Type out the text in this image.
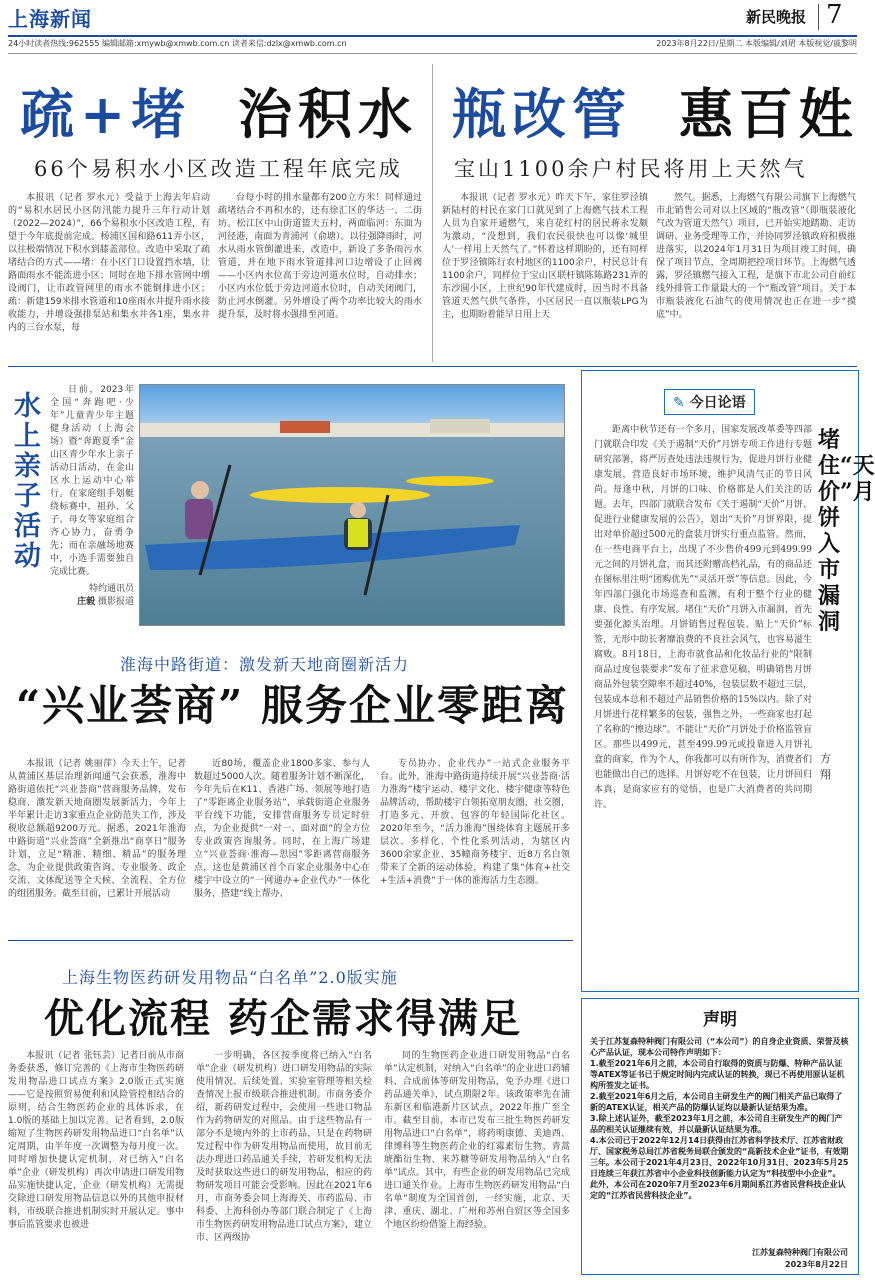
上海新闻	新民晚报 7
24小时读者热线:962555 编辑邮箱:xmywb@xmwb.com.cn 读者来信:dzlx@xmwb.com.cn	2023年8月22日/星期二 本版编辑/刘珺 本版视觉/戚黎明
疏+堵 治积水
66个易积水小区改造工程年底完成

本报讯（记者 罗水元）受益于上海去年启动的“易积水居民小区防汛能力提升三年行动计划（2022—2024）”，66个易积水小区改造工程，有望于今年底提前完成。杨浦区国和路611弄小区，以往极端情况下积水到膝盖部位。改造中采取了疏堵结合的方式——堵：在小区门口设置挡水墙，让路面雨水不能流进小区；同时在地下排水管网中增设阀门，让市政管网里的雨水不能倒排进小区；疏：新建159米排水管道和10座雨水井提升雨水接收能力，并增设强排泵站和集水井各1座，集水井内的三台水泵，每

台每小时的排水量都有200立方米！同样通过疏堵结合不再积水的，还有徐汇区的华达一、二街坊。松江区中山街道篮天五村，两面临河：东面为河径港，南面为青浦河（俞塘）。以往强降雨时，河水从雨水管倒灌进来，改造中，新设了多条雨污水管道，并在地下雨水管道排河口边增设了止回阀——小区内水位高于旁边河道水位时，自动排水；小区内水位低于旁边河道水位时，自动关闭阀门，防止河水倒灌。另外增设了两个功率比较大的雨水提升泵，及时将水强排至河道。

瓶改管 惠百姓
宝山1100余户村民将用上天然气

本报讯（记者 罗水元）昨天下午，家住罗泾镇新陆村的村民在家门口就见到了上海燃气技术工程人员为自家开通燃气，来自花红村的居民蒋永发颇为激动，“没想到，我们农民很快也可以像‘城里人’一样用上天然气了。”怀着这样期盼的，还有同样位于罗泾镇陈行农村地区的1100余户，村民总计有1100余户，同样位于宝山区联杆镇陈陈路231弄的东沙圆小区，上世纪90年代建成时，因当时不具备管道天然气供气条件，小区居民一直以瓶装LPG为主，也期盼着能早日用上天

然气。据悉，上海燃气有限公司旗下上海燃气市北销售公司对以上区域的“瓶改管”（即瓶装液化气改为管道天然气）项目，已开始实地踏勘、走访调研、业务受理等工作，并协同罗泾镇政府积极推进落实，以2024年1月31日为项目竣工时间，确保了项目节点，全周期把控项目环节。上海燃气透露，罗泾镇燃气接入工程，是旗下市北公司自前红线外排管工作量最大的一个“瓶改管”项目。关于本市瓶装液化石油气的使用情况也正在进一步“摸底”中。

水上亲子活动

日前，2023年全国“奔跑吧·少年”儿童青少年主题健身活动（上海会场）暨“奔跑夏季”金山区青少年水上亲子活动日活动，在金山区水上运动中心举行。在家庭组手划艇绕标赛中，祖孙、父子、母女等家庭组合齐心协力，奋勇争先；而在亲融场地赛中，小选手需要独自完成比赛。

特约通讯员
庄毅 摄影报道
淮海中路街道：激发新天地商圈新活力
“兴业荟商” 服务企业零距离

本报讯（记者 姚丽萍）今天上午，记者从黄浦区基层治理新闻通气会获悉，淮海中路街道依托“兴业荟商”营商服务品牌，发布稳商、激发新天地商圈发展新活力，今年上半年累计走访3家重点企业防范失工作，涉及税收总额超9200万元。据悉，2021年淮海中路街道“兴业荟商”全新推出“商享日”服务计划，立足“精准、精细、精品”的服务理念，为企业提供政策咨询、专业服务、政企交流、文体配送等全天候、全流程、全方位的组团服务。截至目前，已累计开展活动

近80场，覆盖企业1800多家、参与人数超过5000人次。随着服务计划不断深化，今年先后在K11、香港广场、领展等地打造了“零距离企业服务站”，承载街道企业服务平台线下功能，安排营商服务专员定时驻点，为企业提供“一对一、面对面”的全方位专业政策咨询服务。同时，在上海广场建立“兴业荟商·淮海—思园”零距离营商服务点，这也是黄浦区首个百家企业服务中心在楼宇中设立的“一网通办+企业代办”一体化服务，搭建“线上帮办、

专员协办、企业代办”一站式企业服务平台。此外，淮海中路街道持续开展“兴业荟商·活力淮海”楼宇运动、楼宇文化、楼宇健康等特色品牌活动，帮助楼宇白领拓宽朋友圈，社交圈，打造多元、开放、包容的年轻国际化社区。2020年至今，“活力淮海”围绕体育主题展开多层次、多样化、个性化系列活动，为辖区内3600余家企业、35幢商务楼宇、近8万名白领带来了全新的运动体验，构建了集“体育+社交+生活+消费”于一体的淮海活力生态圈。

上海生物医药研发用物品“白名单”2.0版实施
优化流程 药企需求得满足

本报讯（记者 张钰芸）记者日前从市商务委获悉，修订完善的《上海市生物医药研发用物品进口试点方案》2.0版正式实施——它是按照贸易便利和风险管控相结合的原则，结合生物医药企业的具体诉求，在1.0版的基础上加以完善。记者看到，2.0版缩短了生物医药研发用物品进口“白名单”认定周期，由半年度一次调整为每月度一次。同时增加快捷认定机制，对已纳入“白名单”企业（研发机构）再次申请进口研发用物品实施快捷认定，企业（研发机构）无需提交除进口研发用物品信息以外的其他申报材料，市级联合推进机制实时开展认定。事中事后监管要求也被进

一步明确，各区按季度将已纳入“白名单”企业（研发机构）进口研发用物品的实际使用情况、后续处置、实验室管理等相关检查情况上报市级联合推进机制。市商务委介绍，新药研发过程中，会使用一些进口物品作为药物研发的对照品。由于这些物品有一部分不是境内外的上市药品，只是在药物研发过程中作为研发用物品而使用，故目前无法办理进口药品通关手续，若研发机构无法及时获取这些进口的研发用物品，相应的药物研发项目可能会受影响。因此在2021年6月，市商务委会同上海海关、市药监局、市科委、上海科创办等部门联合制定了《上海市生物医药研发用物品进口试点方案》，建立市、区两级协

同的生物医药企业进口研发用物品“白名单”认定机制，对纳入“白名单”的企业进口药辅料、合成前体等研发用物品，免予办理《进口药品通关单》，试点期限2年。该政策率先在浦东新区和临港新片区试点，2022年推广至全市。截至目前，本市已发布三批生物医药研发用物品进口“白名单”，将药明康德、美迪西、律博科等生物医药企业的红霉素衍生物、青蒿琥酯衍生物、来苏糖等研发用物品纳入“白名单”试点。其中，有些企业的研发用物品已完成进口通关作业。上海市生物医药研发用物品“白名单”制度为全国首创，一经实施，北京、天津、重庆、湖北、广州和苏州自贸区等全国多个地区纷纷借鉴上海经验。

✎ 今日论语
堵住“天价”月饼入市漏洞
方翔

距离中秋节还有一个多月，国家发展改革委等四部门就联合印发《关于遏制“天价”月饼专项工作进行专题研究部署，将严厉查处违法违规行为，促进月饼行业健康发展，营造良好市场环境，维护风清气正的节日风尚。每逢中秋，月饼的口味、价格都是人们关注的话题。去年，四部门就联合发布《关于遏制“天价”月饼、促进行业健康发展的公告》，划出“天价”月饼界限，提出对单价超过500元的盒装月饼实行重点监管。然而，在一些电商平台上，出现了不少售价499元到499.99元之间的月饼礼盒，而其还附赠高档礼品，有的商品还在图标里注明“团购优先”“灵活开票”等信息。因此，今年四部门强化市场巡查和监测，有利于整个行业的健康、良性、有序发展。堵住“天价”月饼入市漏洞，首先要强化源头治理。月饼销售过程包装、贴上“天价”标签，无形中助长奢靡浪费的不良社会风气，也容易滋生腐败。8月18日，上海市就食品和化妆品行业的“限制商品过度包装要求”发布了征求意见稿，明确销售月饼商品外包装空隙率不超过40%，包装层数不超过三层，包装成本总和不超过产品销售价格的15%以内。除了对月饼进行花样繁多的包装，强售之外，一些商家也打起了名称的“擦边球”。不能让“天价”月饼处于价格监管盲区。那些以499元，甚至499.99元或投靠进入月饼礼盒的商家，作为个人，你我都可以有所作为，消费者们也能做出自己的选择。月饼好吃不在包装，让月饼回归本真，是商家应有的觉悟，也是广大消费者的共同期许。

声明
关于江苏复森特种阀门有限公司（“本公司”）的自身企业资质、荣誉及核心产品认证，现本公司特作声明如下：
1.截至2021年6月之前，本公司自行取得的资质与防爆、特种产品认证等ATEX等证书已于规定时间内完成认证的转换，现已不再使用原认证机构所签发之证书。
2.截至2021年6月之后，本公司自主研发生产的阀门相关产品已取得了新的ATEX认证，相关产品的防爆认证均以最新认证结果为准。
3.除上述认证外，截至2023年1月之前，本公司自主研发生产的阀门产品的相关认证继续有效，并以最新认证结果为准。
4.本公司已于2022年12月14日获得由江苏省科学技术厅、江苏省财政厅、国家税务总局江苏省税务局联合颁发的“高新技术企业”证书，有效期三年。本公司于2021年4月23日、2022年10月31日、2023年5月25日连续三年获江苏省中小企业科技创新能力认定为“科技型中小企业”。
此外，本公司在2020年7月至2023年6月期间系江苏省民营科技企业认定的“江苏省民营科技企业”。
江苏复森特种阀门有限公司
2023年8月22日
